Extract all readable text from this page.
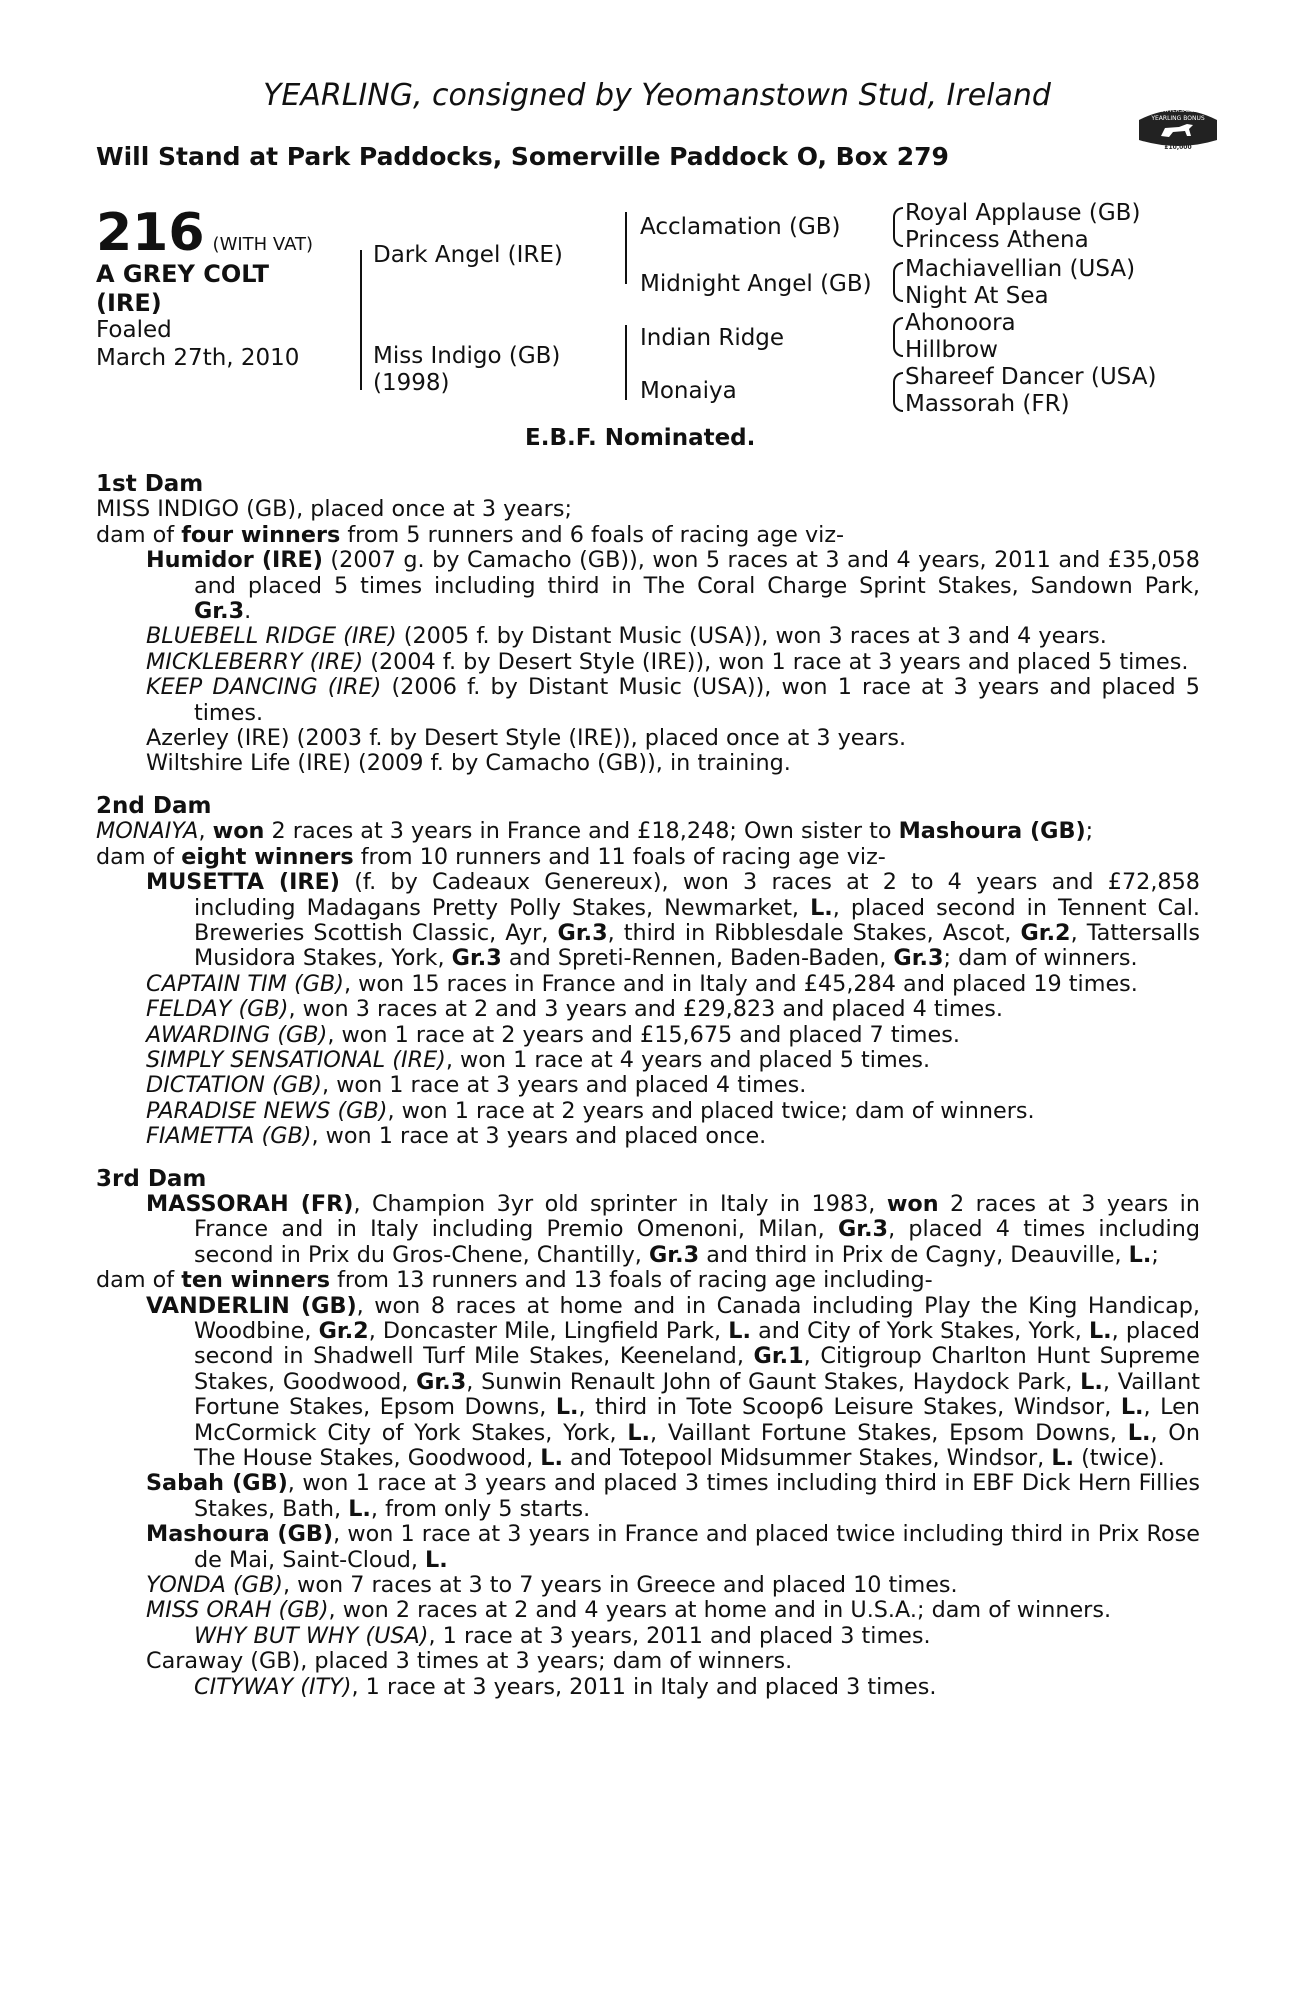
YEARLING, consigned by Yeomanstown Stud, Ireland
Will Stand at Park Paddocks, Somerville Paddock O, Box 279
TATTERSALLS
YEARLING BONUS
£10,000
216 (WITH VAT)
A GREY COLT
(IRE)
Foaled
March 27th, 2010
Dark Angel (IRE)
Miss Indigo (GB)
(1998)
Acclamation (GB)
Midnight Angel (GB)
Indian Ridge
Monaiya
Royal Applause (GB)
Princess Athena
Machiavellian (USA)
Night At Sea
Ahonoora
Hillbrow
Shareef Dancer (USA)
Massorah (FR)
E.B.F. Nominated.
1st Dam
MISS INDIGO (GB), placed once at 3 years;
dam of four winners from 5 runners and 6 foals of racing age viz-
Humidor (IRE) (2007 g. by Camacho (GB)), won 5 races at 3 and 4 years, 2011 and £35,058 and placed 5 times including third in The Coral Charge Sprint Stakes, Sandown Park, Gr.3.
BLUEBELL RIDGE (IRE) (2005 f. by Distant Music (USA)), won 3 races at 3 and 4 years.
MICKLEBERRY (IRE) (2004 f. by Desert Style (IRE)), won 1 race at 3 years and placed 5 times.
KEEP DANCING (IRE) (2006 f. by Distant Music (USA)), won 1 race at 3 years and placed 5 times.
Azerley (IRE) (2003 f. by Desert Style (IRE)), placed once at 3 years.
Wiltshire Life (IRE) (2009 f. by Camacho (GB)), in training.
2nd Dam
MONAIYA, won 2 races at 3 years in France and £18,248; Own sister to Mashoura (GB);
dam of eight winners from 10 runners and 11 foals of racing age viz-
MUSETTA (IRE) (f. by Cadeaux Genereux), won 3 races at 2 to 4 years and £72,858 including Madagans Pretty Polly Stakes, Newmarket, L., placed second in Tennent Cal. Breweries Scottish Classic, Ayr, Gr.3, third in Ribblesdale Stakes, Ascot, Gr.2, Tattersalls Musidora Stakes, York, Gr.3 and Spreti-Rennen, Baden-Baden, Gr.3; dam of winners.
CAPTAIN TIM (GB), won 15 races in France and in Italy and £45,284 and placed 19 times.
FELDAY (GB), won 3 races at 2 and 3 years and £29,823 and placed 4 times.
AWARDING (GB), won 1 race at 2 years and £15,675 and placed 7 times.
SIMPLY SENSATIONAL (IRE), won 1 race at 4 years and placed 5 times.
DICTATION (GB), won 1 race at 3 years and placed 4 times.
PARADISE NEWS (GB), won 1 race at 2 years and placed twice; dam of winners.
FIAMETTA (GB), won 1 race at 3 years and placed once.
3rd Dam
MASSORAH (FR), Champion 3yr old sprinter in Italy in 1983, won 2 races at 3 years in France and in Italy including Premio Omenoni, Milan, Gr.3, placed 4 times including second in Prix du Gros-Chene, Chantilly, Gr.3 and third in Prix de Cagny, Deauville, L.;
dam of ten winners from 13 runners and 13 foals of racing age including-
VANDERLIN (GB), won 8 races at home and in Canada including Play the King Handicap, Woodbine, Gr.2, Doncaster Mile, Lingfield Park, L. and City of York Stakes, York, L., placed second in Shadwell Turf Mile Stakes, Keeneland, Gr.1, Citigroup Charlton Hunt Supreme Stakes, Goodwood, Gr.3, Sunwin Renault John of Gaunt Stakes, Haydock Park, L., Vaillant Fortune Stakes, Epsom Downs, L., third in Tote Scoop6 Leisure Stakes, Windsor, L., Len McCormick City of York Stakes, York, L., Vaillant Fortune Stakes, Epsom Downs, L., On The House Stakes, Goodwood, L. and Totepool Midsummer Stakes, Windsor, L. (twice).
Sabah (GB), won 1 race at 3 years and placed 3 times including third in EBF Dick Hern Fillies Stakes, Bath, L., from only 5 starts.
Mashoura (GB), won 1 race at 3 years in France and placed twice including third in Prix Rose de Mai, Saint-Cloud, L.
YONDA (GB), won 7 races at 3 to 7 years in Greece and placed 10 times.
MISS ORAH (GB), won 2 races at 2 and 4 years at home and in U.S.A.; dam of winners.
WHY BUT WHY (USA), 1 race at 3 years, 2011 and placed 3 times.
Caraway (GB), placed 3 times at 3 years; dam of winners.
CITYWAY (ITY), 1 race at 3 years, 2011 in Italy and placed 3 times.
